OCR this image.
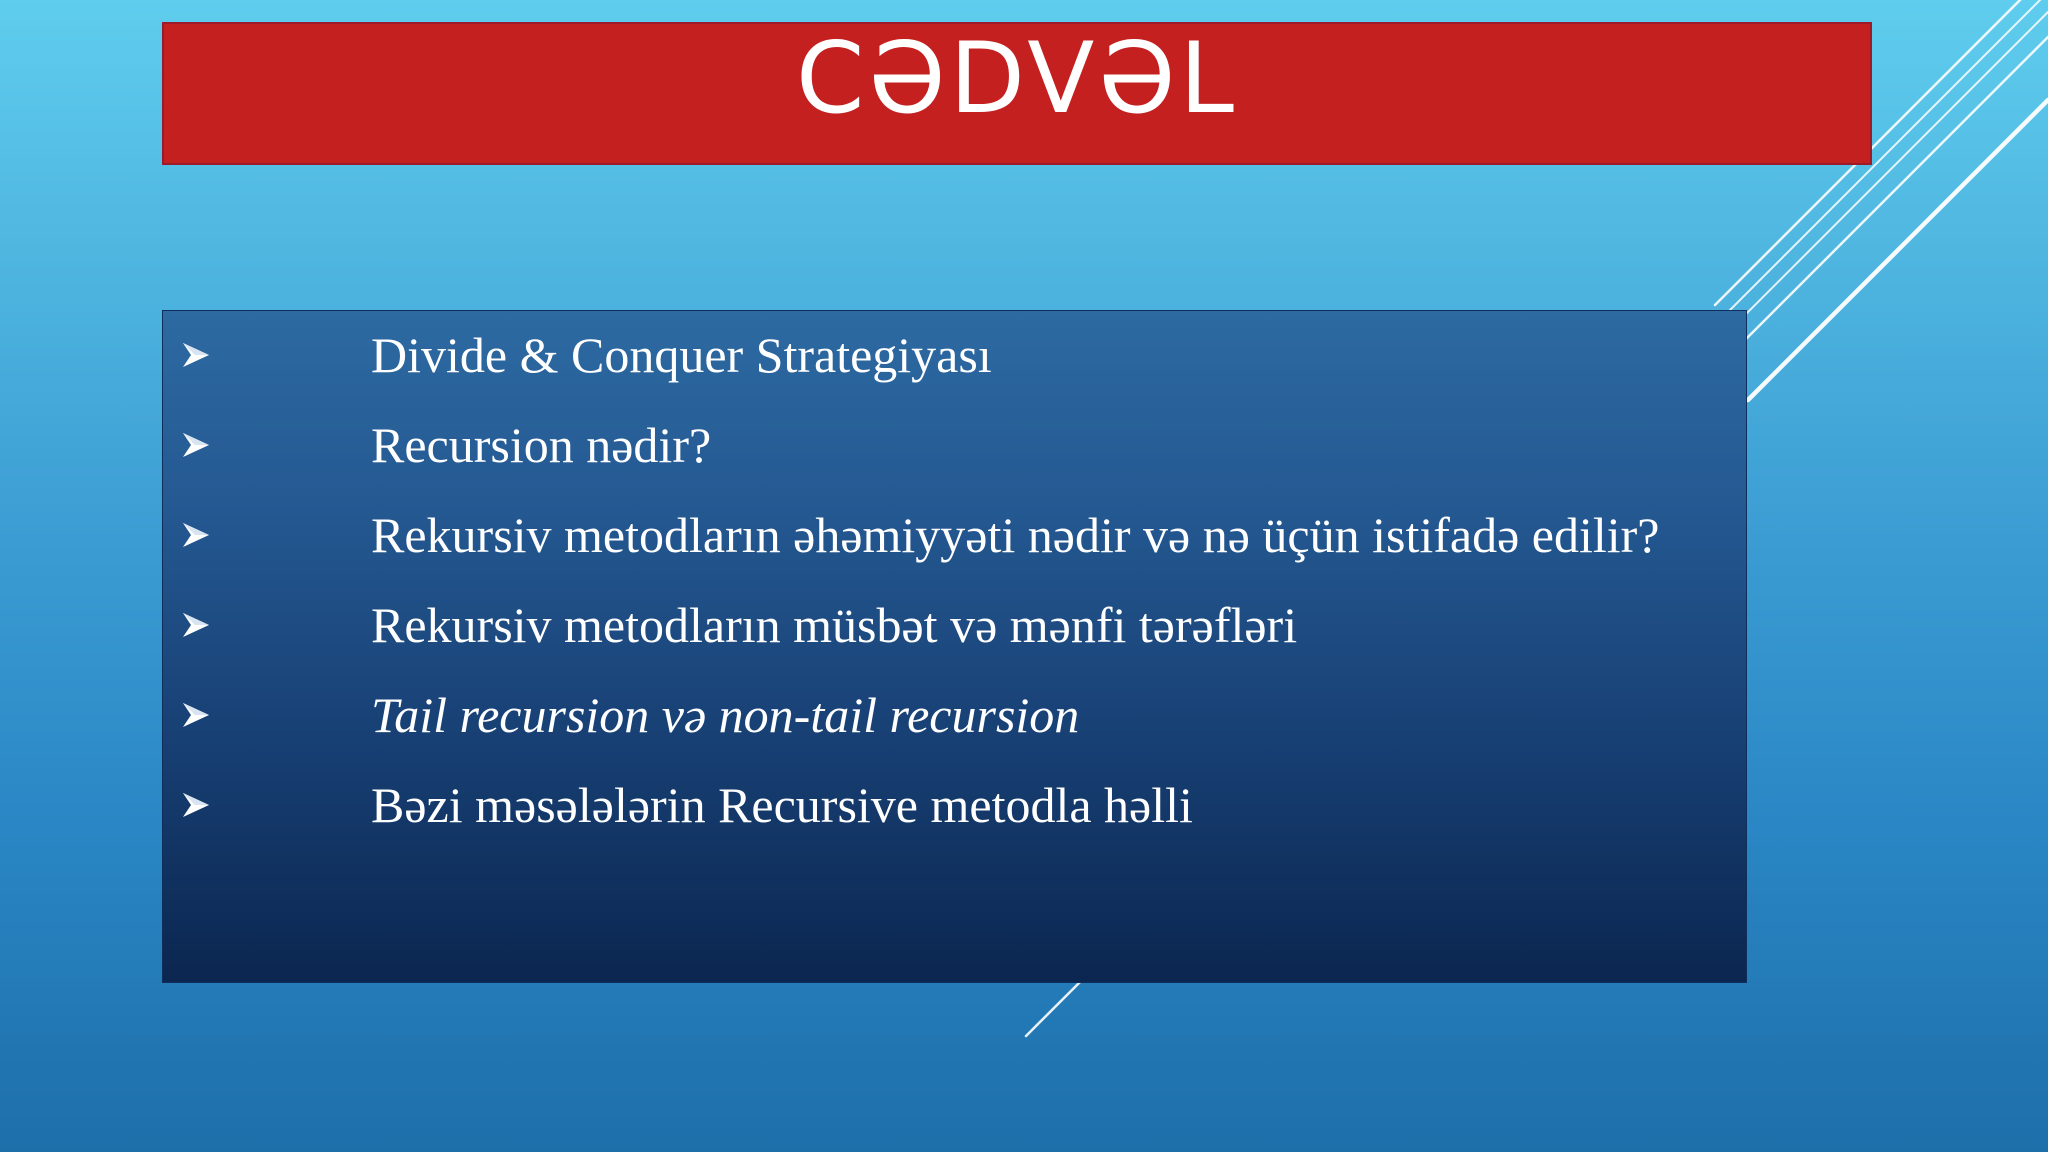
CƏDVƏL
Divide & Conquer Strategiyası
Recursion nədir?
Rekursiv metodların əhəmiyyəti nədir və nə üçün istifadə edilir?
Rekursiv metodların müsbət və mənfi tərəfləri
Tail recursion və non-tail recursion
Bəzi məsələlərin Recursive metodla həlli
